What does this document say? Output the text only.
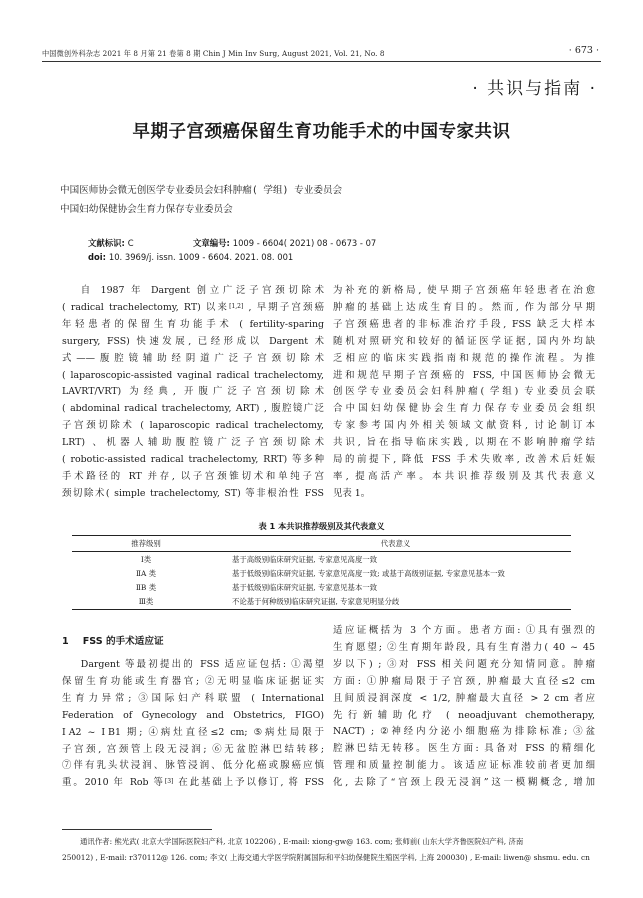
中国微创外科杂志 2021 年 8 月第 21 卷第 8 期 Chin J Min Inv Surg, August 2021, Vol. 21, No. 8	· 673 ·
· 共识与指南 ·
早期子宫颈癌保留生育功能手术的中国专家共识
中国医师协会微无创医学专业委员会妇科肿瘤( 学组) 专业委员会
中国妇幼保健协会生育力保存专业委员会
文献标识: C	文章编号: 1009 - 6604( 2021) 08 - 0673 - 07
doi: 10. 3969/j. issn. 1009 - 6604. 2021. 08. 001
自 1987 年 Dargent 创立广泛子宫颈切除术
( radical trachelectomy, RT) 以来[1,2] , 早期子宫颈癌
年轻患者的保留生育功能手术 ( fertility-sparing
surgery, FSS) 快速发展, 已经形成以 Dargent 术
式——腹腔镜辅助经阴道广泛子宫颈切除术
( laparoscopic-assisted vaginal radical trachelectomy,
LAVRT/VRT) 为经典, 开腹广泛子宫颈切除术
( abdominal radical trachelectomy, ART) , 腹腔镜广泛
子宫颈切除术 ( laparoscopic radical trachelectomy,
LRT) 、机器人辅助腹腔镜广泛子宫颈切除术
( robotic-assisted radical trachelectomy, RRT) 等多种
手术路径的 RT 并存, 以子宫颈锥切术和单纯子宫
颈切除术( simple trachelectomy, ST) 等非根治性 FSS
为补充的新格局, 使早期子宫颈癌年轻患者在治愈
肿瘤的基础上达成生育目的。然而, 作为部分早期
子宫颈癌患者的非标准治疗手段, FSS 缺乏大样本
随机对照研究和较好的循证医学证据, 国内外均缺
乏相应的临床实践指南和规范的操作流程。为推
进和规范早期子宫颈癌的 FSS, 中国医师协会微无
创医学专业委员会妇科肿瘤( 学组) 专业委员会联
合中国妇幼保健协会生育力保存专业委员会组织
专家参考国内外相关领域文献资料, 讨论制订本
共识, 旨在指导临床实践, 以期在不影响肿瘤学结
局的前提下, 降低 FSS 手术失败率, 改善术后妊娠
率, 提高活产率。本共识推荐级别及其代表意义
见表 1。
表 1 本共识推荐级别及其代表意义
推荐级别	代表意义
Ⅰ类	基于高级别临床研究证据, 专家意见高度一致
ⅡA 类	基于低级别临床研究证据, 专家意见高度一致; 或基于高级别证据, 专家意见基本一致
ⅡB 类	基于低级别临床研究证据, 专家意见基本一致
Ⅲ类	不论基于何种级别临床研究证据, 专家意见明显分歧
1 FSS 的手术适应证
Dargent 等最初提出的 FSS 适应证包括: ①渴望
保留生育功能或生育器官; ②无明显临床证据证实
生育力异常; ③国际妇产科联盟 ( International
Federation of Gynecology and Obstetrics, FIGO)
ⅠA2 ~ ⅠB1 期; ④病灶直径≤2 cm; ⑤病灶局限于
子宫颈, 宫颈管上段无浸润; ⑥无盆腔淋巴结转移;
⑦伴有乳头状浸润、脉管浸润、低分化癌或腺癌应慎
重。2010 年 Rob 等[3] 在此基础上予以修订, 将 FSS
适应证概括为 3 个方面。患者方面: ①具有强烈的
生育愿望; ②生育期年龄段, 具有生育潜力( 40 ~ 45
岁以下) ; ③对 FSS 相关问题充分知情同意。肿瘤
方面: ①肿瘤局限于子宫颈, 肿瘤最大直径≤2 cm
且间质浸润深度 < 1/2, 肿瘤最大直径 > 2 cm 者应
先行新辅助化疗 ( neoadjuvant chemotherapy,
NACT) ; ②神经内分泌小细胞癌为排除标准; ③盆
腔淋巴结无转移。医生方面: 具备对 FSS 的精细化
管理和质量控制能力。该适应证标准较前者更加细
化, 去除了“宫颈上段无浸润”这一模糊概念, 增加
通讯作者: 熊光武( 北京大学国际医院妇产科, 北京 102206) , E-mail: xiong-gw@ 163. com; 张师前( 山东大学齐鲁医院妇产科, 济南
250012) , E-mail: r370112@ 126. com; 李文( 上海交通大学医学院附属国际和平妇幼保健院生殖医学科, 上海 200030) , E-mail: liwen@ shsmu. edu. cn
